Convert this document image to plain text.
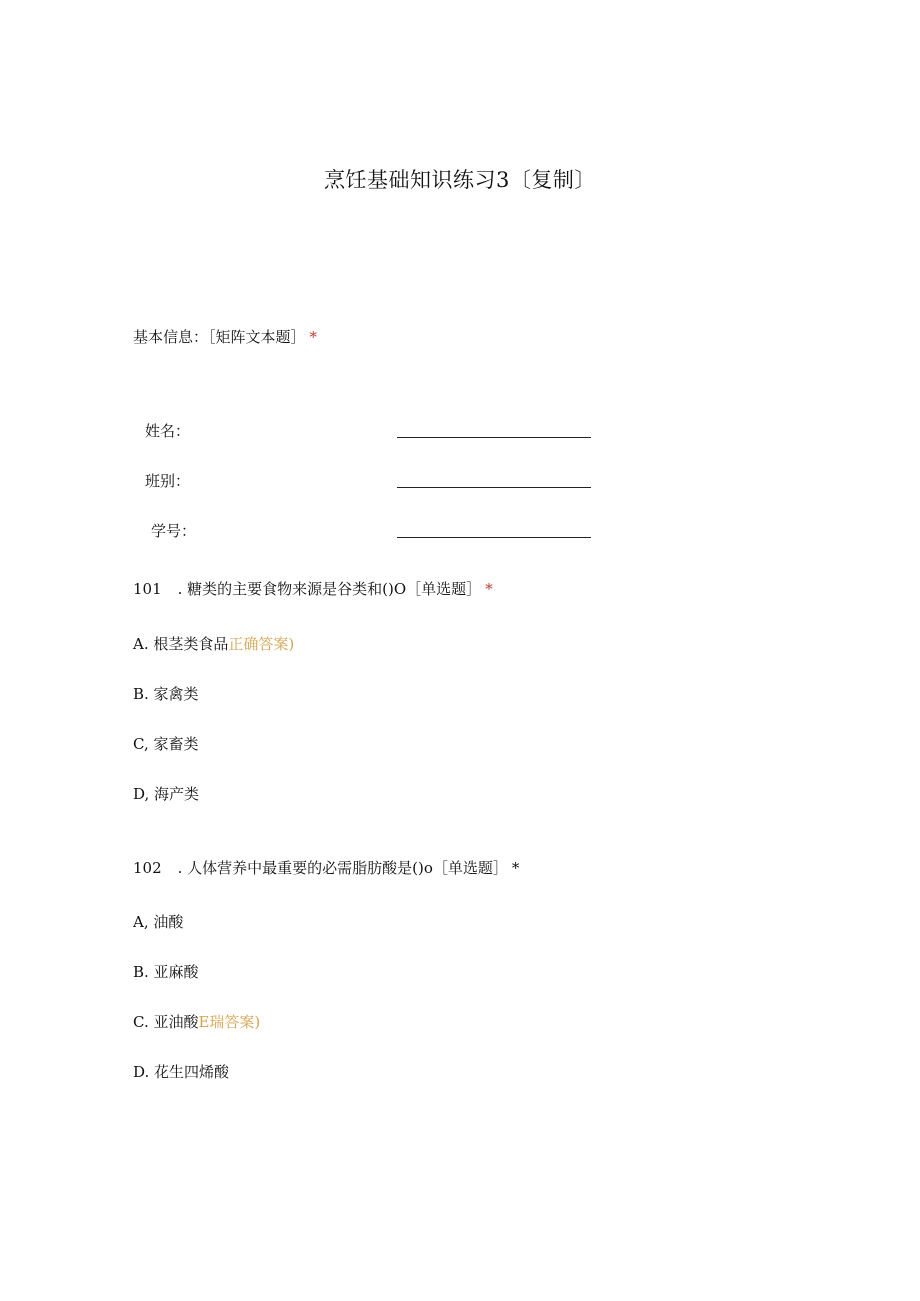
烹饪基础知识练习3〔复制〕
基本信息：［矩阵文本题］ *
姓名：
班别：
学号：
101 . 糖类的主要食物来源是谷类和()O［单选题］ *
A. 根茎类食品正确答案)
B. 家禽类
C, 家畜类
D, 海产类
102 . 人体营养中最重要的必需脂肪酸是()o［单选题］ *
A, 油酸
B. 亚麻酸
C. 亚油酸E瑞答案)
D. 花生四烯酸
